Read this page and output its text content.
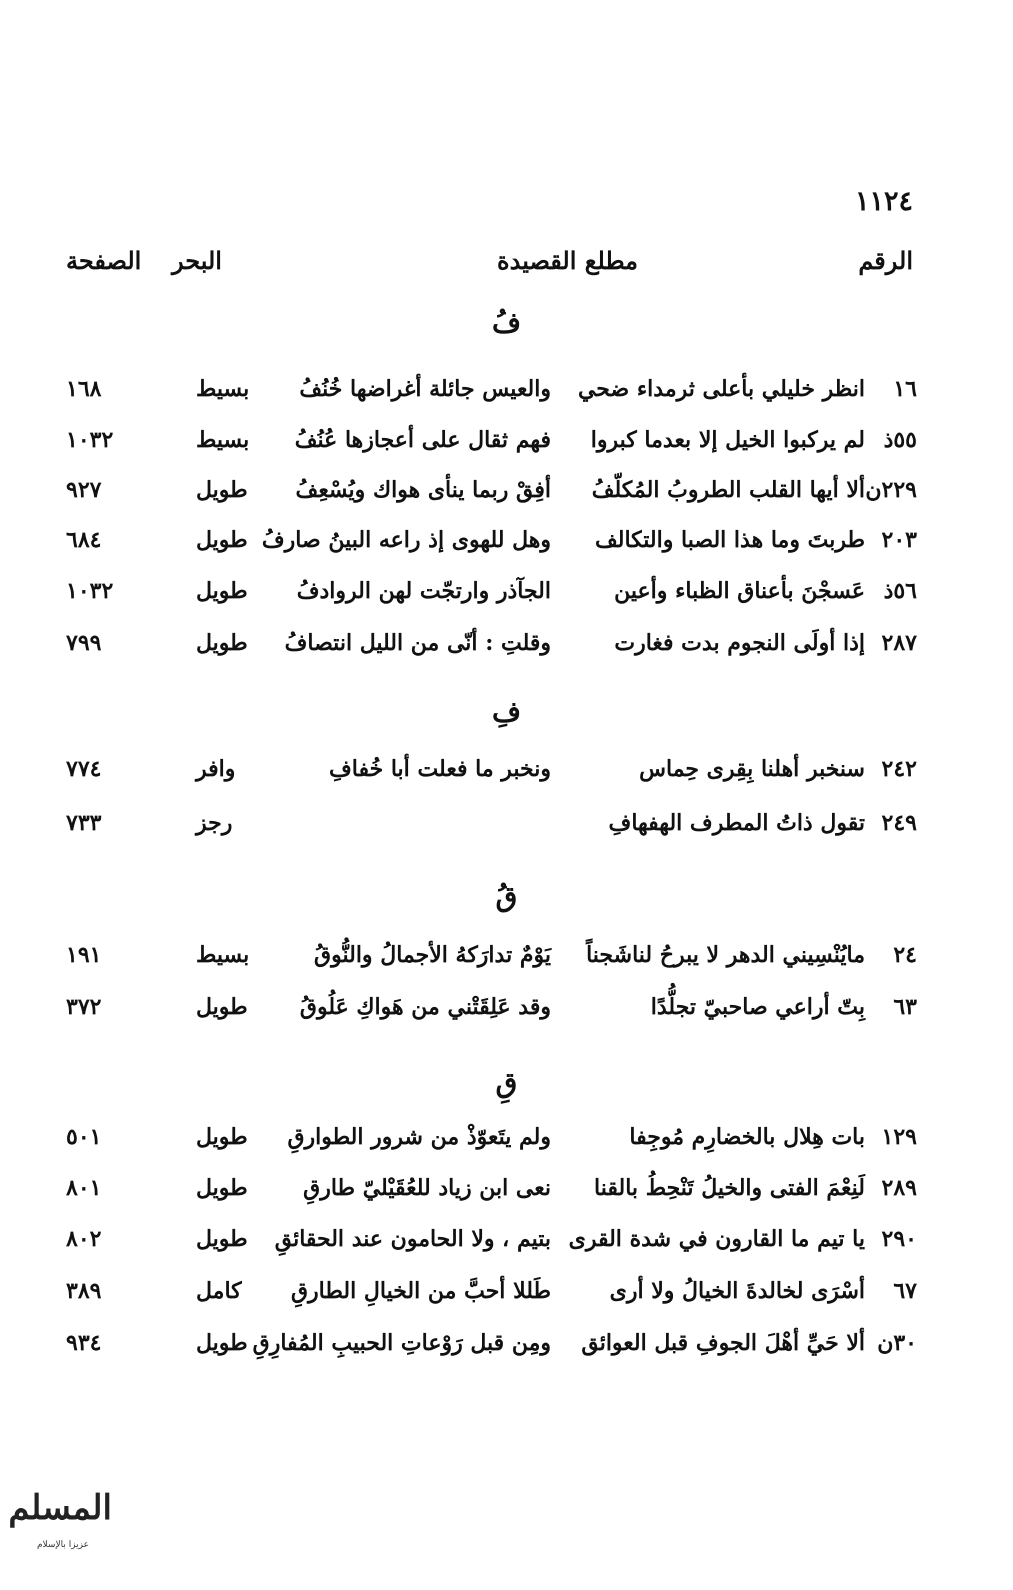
١١٢٤
الرقم
مطلع القصيدة
البحر
الصفحة
فُ
١٦
انظر خليلي بأعلى ثرمداء ضحي
والعيس جائلة أغراضها خُنُفُ
بسيط
١٦٨
٥٥ذ
لم يركبوا الخيل إلا بعدما كبروا
فهم ثقال على أعجازها عُنُفُ
بسيط
١٠٣٢
٢٢٩ن
ألا أيها القلب الطروبُ المُكلّفُ
أفِقْ ربما ينأى هواك ويُسْعِفُ
طويل
٩٢٧
٢٠٣
طربتَ وما هذا الصبا والتكالف
وهل للهوى إذ راعه البينُ صارفُ
طويل
٦٨٤
٥٦ذ
عَسجْنَ بأعناق الظباء وأعين
الجآذر وارتجّت لهن الروادفُ
طويل
١٠٣٢
٢٨٧
إذا أولَى النجوم بدت فغارت
وقلتِ : أنّى من الليل انتصافُ
طويل
٧٩٩
فِ
٢٤٢
سنخبر أهلنا بِقِرى حِماس
ونخبر ما فعلت أبا خُفافِ
وافر
٧٧٤
٢٤٩
تقول ذاتُ المطرف الهفهافِ
رجز
٧٣٣
قُ
٢٤
مايُنْسِيني الدهر لا يبرحُ لناشَجناً
يَوْمٌ تدارَكهُ الأجمالُ والنُّوقُ
بسيط
١٩١
٦٣
بِتّ أراعي صاحبيّ تجلُّدًا
وقد عَلِقَتْني من هَواكِ عَلُوقُ
طويل
٣٧٢
قِ
١٢٩
بات هِلال بالخضارِم مُوجِفا
ولم يتَعوّذْ من شرور الطوارقِ
طويل
٥٠١
٢٨٩
لَنِعْمَ الفتى والخيلُ تَنْحِطُ بالقنا
نعى ابن زياد للعُقَيْليّ طارقِ
طويل
٨٠١
٢٩٠
يا تيم ما القارون في شدة القرى
بتيم ، ولا الحامون عند الحقائقِ
طويل
٨٠٢
٦٧
أسْرَى لخالدةَ الخيالُ ولا أرى
طَللا أحبَّ من الخيالِ الطارقِ
كامل
٣٨٩
٣٠ن
ألا حَيِّ أهْلَ الجوفِ قبل العوائق
ومِن قبل رَوْعاتِ الحبيبِ المُفارِقِ
طويل
٩٣٤
المسلم
عزيزا بالإسلام
